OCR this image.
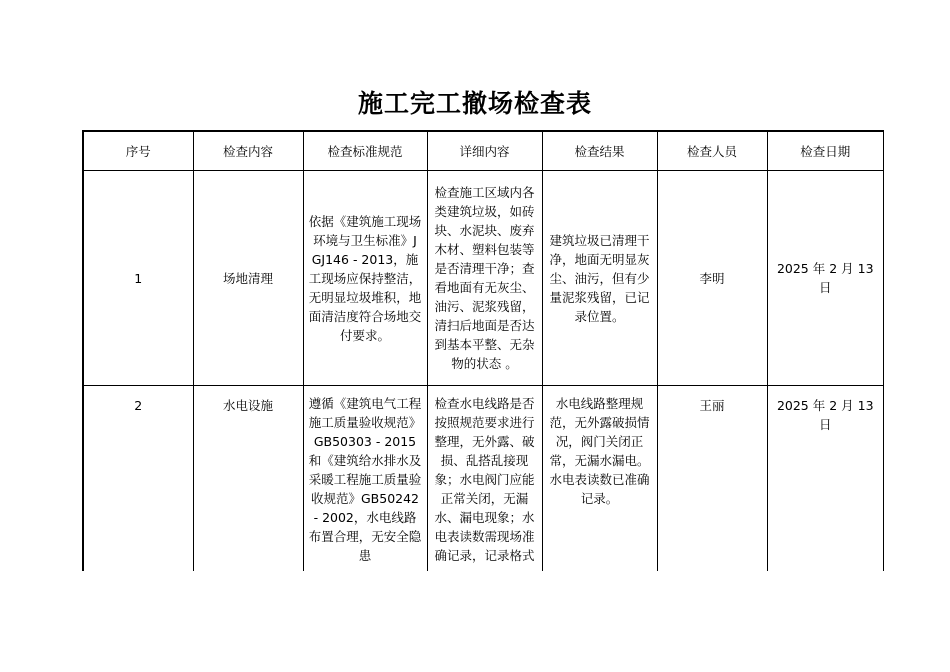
施工完工撤场检查表
序号	检查内容	检查标准规范	详细内容	检查结果	检查人员	检查日期
1	场地清理	依据《建筑施工现场环境与卫生标准》JGJ146 - 2013，施工现场应保持整洁，无明显垃圾堆积，地面清洁度符合场地交付要求。	检查施工区域内各类建筑垃圾，如砖块、水泥块、废弃木材、塑料包装等是否清理干净；查看地面有无灰尘、油污、泥浆残留，清扫后地面是否达到基本平整、无杂物的状态 。	建筑垃圾已清理干净，地面无明显灰尘、油污，但有少量泥浆残留，已记录位置。	李明	2025 年 2 月 13 日
2	水电设施	遵循《建筑电气工程施工质量验收规范》GB50303 - 2015 和《建筑给水排水及采暖工程施工质量验收规范》GB50242 - 2002，水电线路布置合理，无安全隐患	检查水电线路是否按照规范要求进行整理，无外露、破损、乱搭乱接现象；水电阀门应能正常关闭，无漏水、漏电现象；水电表读数需现场准确记录，记录格式	水电线路整理规范，无外露破损情况，阀门关闭正常，无漏水漏电。水电表读数已准确记录。	王丽	2025 年 2 月 13 日
